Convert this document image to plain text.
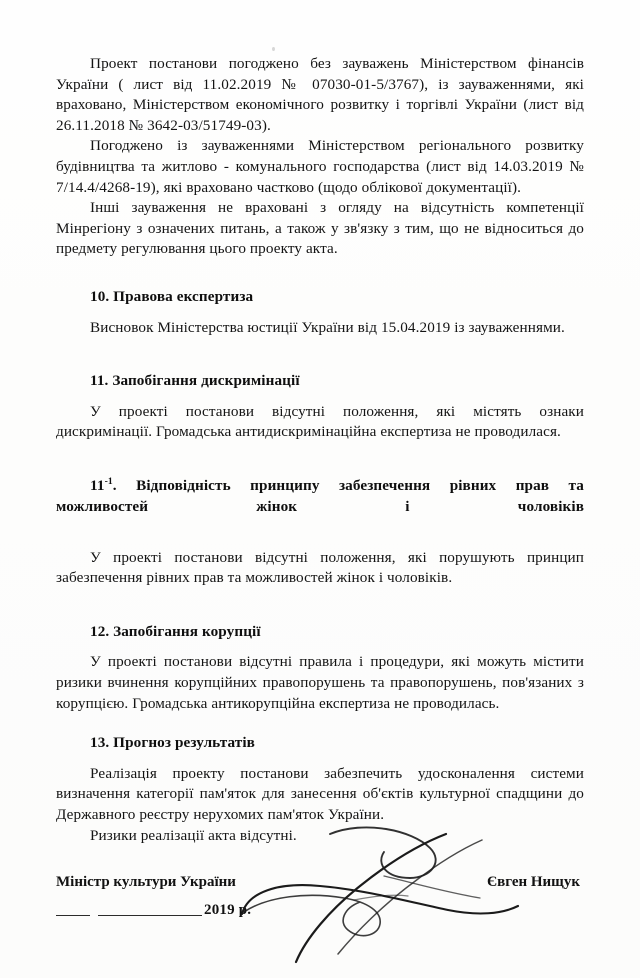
Проект постанови погоджено без зауважень Міністерством фінансів України ( лист від 11.02.2019 № 07030-01-5/3767), із зауваженнями, які враховано, Міністерством економічного розвитку і торгівлі України (лист від 26.11.2018 № 3642-03/51749-03).

Погоджено із зауваженнями Міністерством регіонального розвитку будівництва та житлово - комунального господарства (лист від 14.03.2019 № 7/14.4/4268-19), які враховано частково (щодо облікової документації).

Інші зауваження не враховані з огляду на відсутність компетенції Мінрегіону з означених питань, а також у зв'язку з тим, що не відноситься до предмету регулювання цього проекту акта.

10. Правова експертиза

Висновок Міністерства юстиції України від 15.04.2019 із зауваженнями.

11. Запобігання дискримінації

У проекті постанови відсутні положення, які містять ознаки дискримінації. Громадська антидискримінаційна експертиза не проводилася.

$11^{-1}$. Відповідність принципу забезпечення рівних прав та можливостей жінок і чоловіків

У проекті постанови відсутні положення, які порушують принцип забезпечення рівних прав та можливостей жінок і чоловіків.

12. Запобігання корупції

У проекті постанови відсутні правила і процедури, які можуть містити ризики вчинення корупційних правопорушень та правопорушень, пов'язаних з корупцією. Громадська антикорупційна експертиза не проводилась.

13. Прогноз результатів

Реалізація проекту постанови забезпечить удосконалення системи визначення категорії пам'яток для занесення об'єктів культурної спадщини до Державного реєстру нерухомих пам'яток України.

Ризики реалізації акта відсутні.

Міністр культури України	Євген Нищук
2019 р.
